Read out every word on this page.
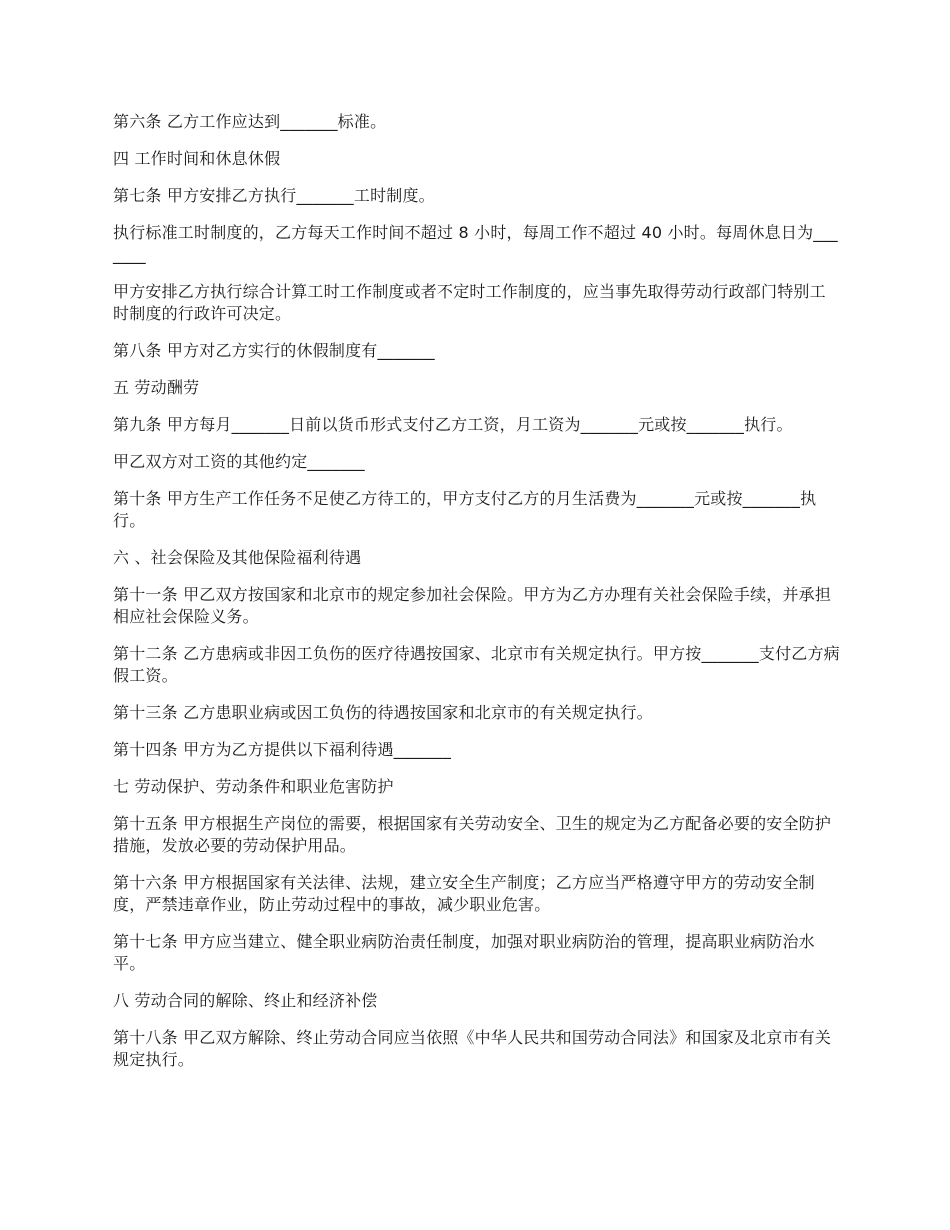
第六条 乙方工作应达到_______标准。

四 工作时间和休息休假

第七条 甲方安排乙方执行_______工时制度。

执行标准工时制度的，乙方每天工作时间不超过 8 小时，每周工作不超过 40 小时。每周休息日为_______

甲方安排乙方执行综合计算工时工作制度或者不定时工作制度的，应当事先取得劳动行政部门特别工时制度的行政许可决定。

第八条 甲方对乙方实行的休假制度有_______

五 劳动酬劳

第九条 甲方每月_______日前以货币形式支付乙方工资，月工资为_______元或按_______执行。

甲乙双方对工资的其他约定_______

第十条 甲方生产工作任务不足使乙方待工的，甲方支付乙方的月生活费为_______元或按_______执行。

六 、社会保险及其他保险福利待遇

第十一条 甲乙双方按国家和北京市的规定参加社会保险。甲方为乙方办理有关社会保险手续，并承担相应社会保险义务。

第十二条 乙方患病或非因工负伤的医疗待遇按国家、北京市有关规定执行。甲方按_______支付乙方病假工资。

第十三条 乙方患职业病或因工负伤的待遇按国家和北京市的有关规定执行。

第十四条 甲方为乙方提供以下福利待遇_______

七 劳动保护、劳动条件和职业危害防护

第十五条 甲方根据生产岗位的需要，根据国家有关劳动安全、卫生的规定为乙方配备必要的安全防护措施，发放必要的劳动保护用品。

第十六条 甲方根据国家有关法律、法规，建立安全生产制度；乙方应当严格遵守甲方的劳动安全制度，严禁违章作业，防止劳动过程中的事故，减少职业危害。

第十七条 甲方应当建立、健全职业病防治责任制度，加强对职业病防治的管理，提高职业病防治水平。

八 劳动合同的解除、终止和经济补偿

第十八条 甲乙双方解除、终止劳动合同应当依照《中华人民共和国劳动合同法》和国家及北京市有关规定执行。
